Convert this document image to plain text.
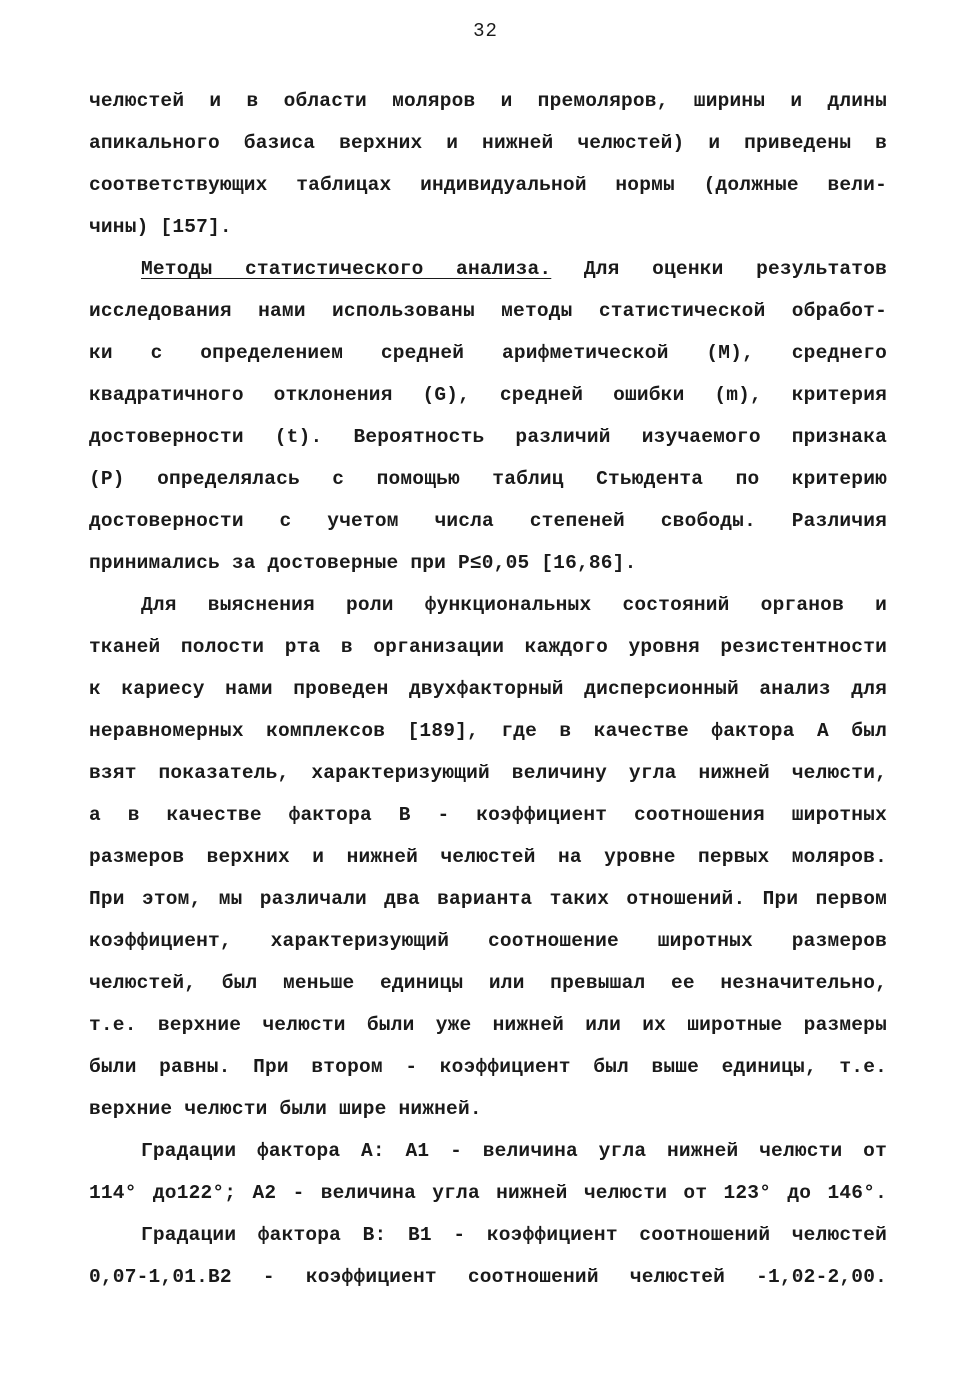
32
челюстей и в области моляров и премоляров, ширины и длины
апикального базиса верхних и нижней челюстей) и приведены в
соответствующих таблицах индивидуальной нормы (должные вели-
чины) [157].
Методы статистического анализа. Для оценки результатов
исследования нами использованы методы статистической обработ-
ки с определением средней арифметической (М), среднего
квадратичного отклонения (G), средней ошибки (m), критерия
достоверности (t). Вероятность различий изучаемого признака
(P) определялась с помощью таблиц Стьюдента по критерию
достоверности с учетом числа степеней свободы. Различия
принимались за достоверные при P≤0,05 [16,86].
Для выяснения роли функциональных состояний органов и
тканей полости рта в организации каждого уровня резистентности
к кариесу нами проведен двухфакторный дисперсионный анализ для
неравномерных комплексов [189], где в качестве фактора А был
взят показатель, характеризующий величину угла нижней челюсти,
а в качестве фактора В - коэффициент соотношения широтных
размеров верхних и нижней челюстей на уровне первых моляров.
При этом, мы различали два варианта таких отношений. При первом
коэффициент, характеризующий соотношение широтных размеров
челюстей, был меньше единицы или превышал ее незначительно,
т.е. верхние челюсти были уже нижней или их широтные размеры
были равны. При втором - коэффициент был выше единицы, т.е.
верхние челюсти были шире нижней.
Градации фактора А: А1 - величина угла нижней челюсти от
114° до122°; А2 - величина угла нижней челюсти от 123° до 146°.
Градации фактора В: В1 - коэффициент соотношений челюстей
0,07-1,01.В2 - коэффициент соотношений челюстей -1,02-2,00.
